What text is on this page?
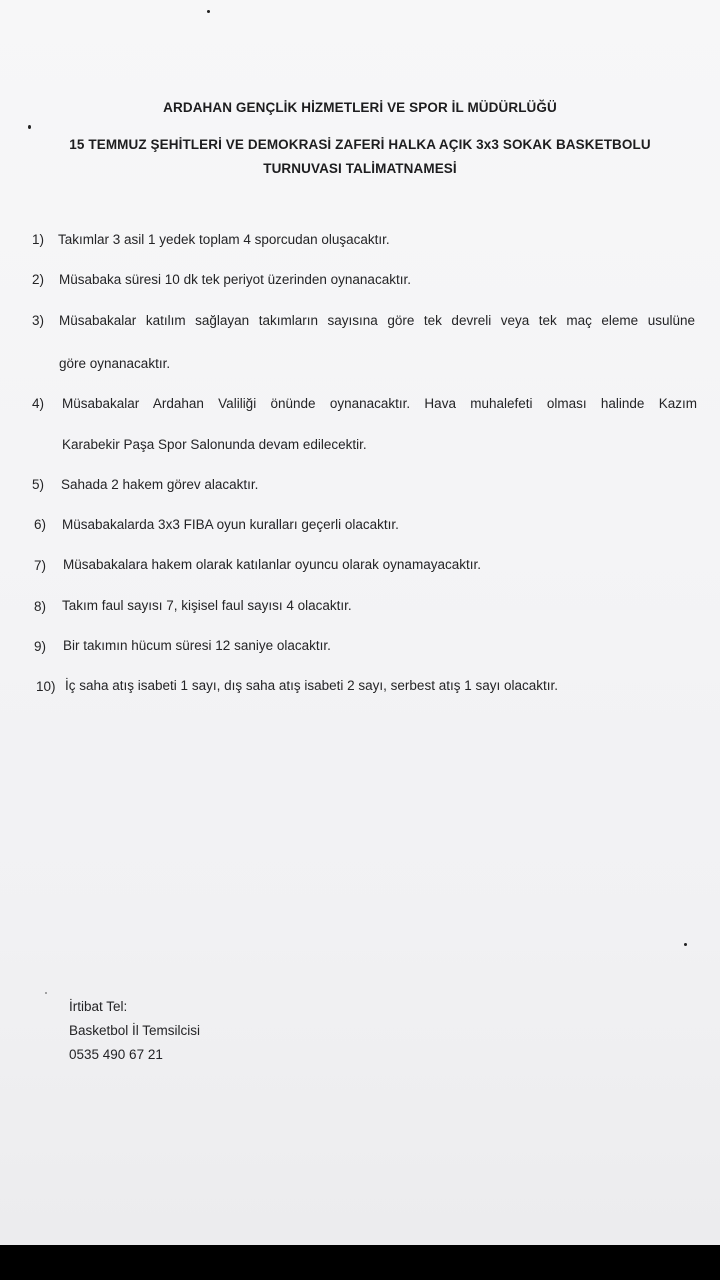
ARDAHAN GENÇLİK HİZMETLERİ VE SPOR İL MÜDÜRLÜĞÜ
15 TEMMUZ ŞEHİTLERİ VE DEMOKRASİ ZAFERİ HALKA AÇIK 3x3 SOKAK BASKETBOLU
TURNUVASI TALİMATNAMESİ
1) Takımlar 3 asil 1 yedek toplam 4 sporcudan oluşacaktır.
2) Müsabaka süresi 10 dk tek periyot üzerinden oynanacaktır.
3) Müsabakalar katılım sağlayan takımların sayısına göre tek devreli veya tek maç eleme usulüne
göre oynanacaktır.
4) Müsabakalar Ardahan Valiliği önünde oynanacaktır. Hava muhalefeti olması halinde Kazım
Karabekir Paşa Spor Salonunda devam edilecektir.
5) Sahada 2 hakem görev alacaktır.
6) Müsabakalarda 3x3 FIBA oyun kuralları geçerli olacaktır.
7) Müsabakalara hakem olarak katılanlar oyuncu olarak oynamayacaktır.
8) Takım faul sayısı 7, kişisel faul sayısı 4 olacaktır.
9) Bir takımın hücum süresi 12 saniye olacaktır.
10) İç saha atış isabeti 1 sayı, dış saha atış isabeti 2 sayı, serbest atış 1 sayı olacaktır.
İrtibat Tel:
Basketbol İl Temsilcisi
0535 490 67 21
